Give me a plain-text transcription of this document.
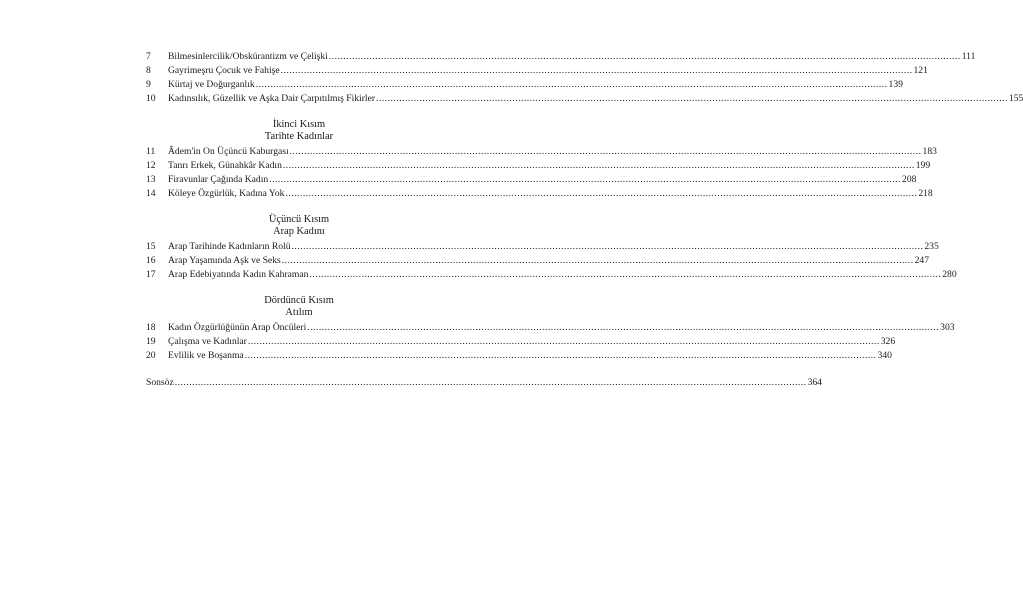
7	Bilmesinlercilik/Obskürantizm ve Çelişki .....	111
8	Gayrimeşru Çocuk ve Fahişe .....	121
9	Kürtaj ve Doğurganlık .....	139
10	Kadınsılık, Güzellik ve Aşka Dair Çarpıtılmış Fikirler .....	155
İkinci Kısım
Tarihte Kadınlar
11	Âdem'in On Üçüncü Kaburgası .....	183
12	Tanrı Erkek, Günahkâr Kadın .....	199
13	Firavunlar Çağında Kadın .....	208
14	Köleye Özgürlük, Kadına Yok .....	218
Üçüncü Kısım
Arap Kadını
15	Arap Tarihinde Kadınların Rolü .....	235
16	Arap Yaşamında Aşk ve Seks .....	247
17	Arap Edebiyatında Kadın Kahraman .....	280
Dördüncü Kısım
Atılım
18	Kadın Özgürlüğünün Arap Öncüleri .....	303
19	Çalışma ve Kadınlar .....	326
20	Evlilik ve Boşanma .....	340
Sonsöz .....	364
